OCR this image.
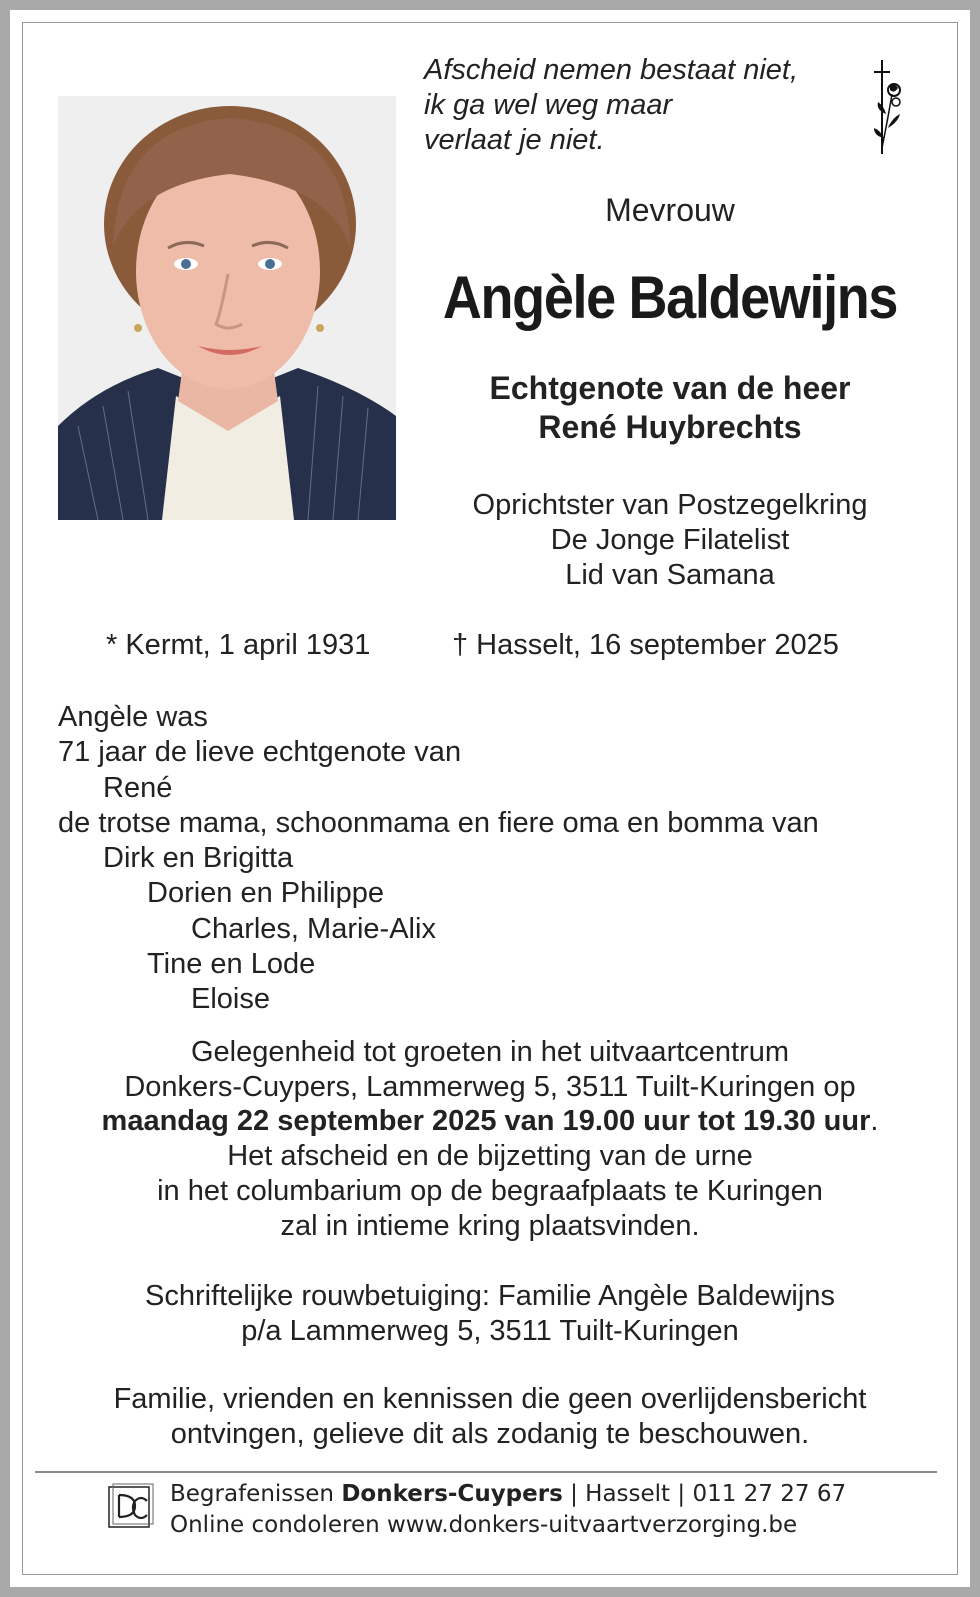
Afscheid nemen bestaat niet,
ik ga wel weg maar
verlaat je niet.
Mevrouw
Angèle Baldewijns
Echtgenote van de heer
René Huybrechts
Oprichtster van Postzegelkring
De Jonge Filatelist
Lid van Samana
* Kermt, 1 april 1931	† Hasselt, 16 september 2025
Angèle was
71 jaar de lieve echtgenote van
René
de trotse mama, schoonmama en fiere oma en bomma van
Dirk en Brigitta
Dorien en Philippe
Charles, Marie-Alix
Tine en Lode
Eloise
Gelegenheid tot groeten in het uitvaartcentrum
Donkers-Cuypers, Lammerweg 5, 3511 Tuilt-Kuringen op
maandag 22 september 2025 van 19.00 uur tot 19.30 uur.
Het afscheid en de bijzetting van de urne
in het columbarium op de begraafplaats te Kuringen
zal in intieme kring plaatsvinden.
Schriftelijke rouwbetuiging: Familie Angèle Baldewijns
p/a Lammerweg 5, 3511 Tuilt-Kuringen
Familie, vrienden en kennissen die geen overlijdensbericht
ontvingen, gelieve dit als zodanig te beschouwen.
Begrafenissen Donkers-Cuypers | Hasselt | 011 27 27 67
Online condoleren www.donkers-uitvaartverzorging.be
